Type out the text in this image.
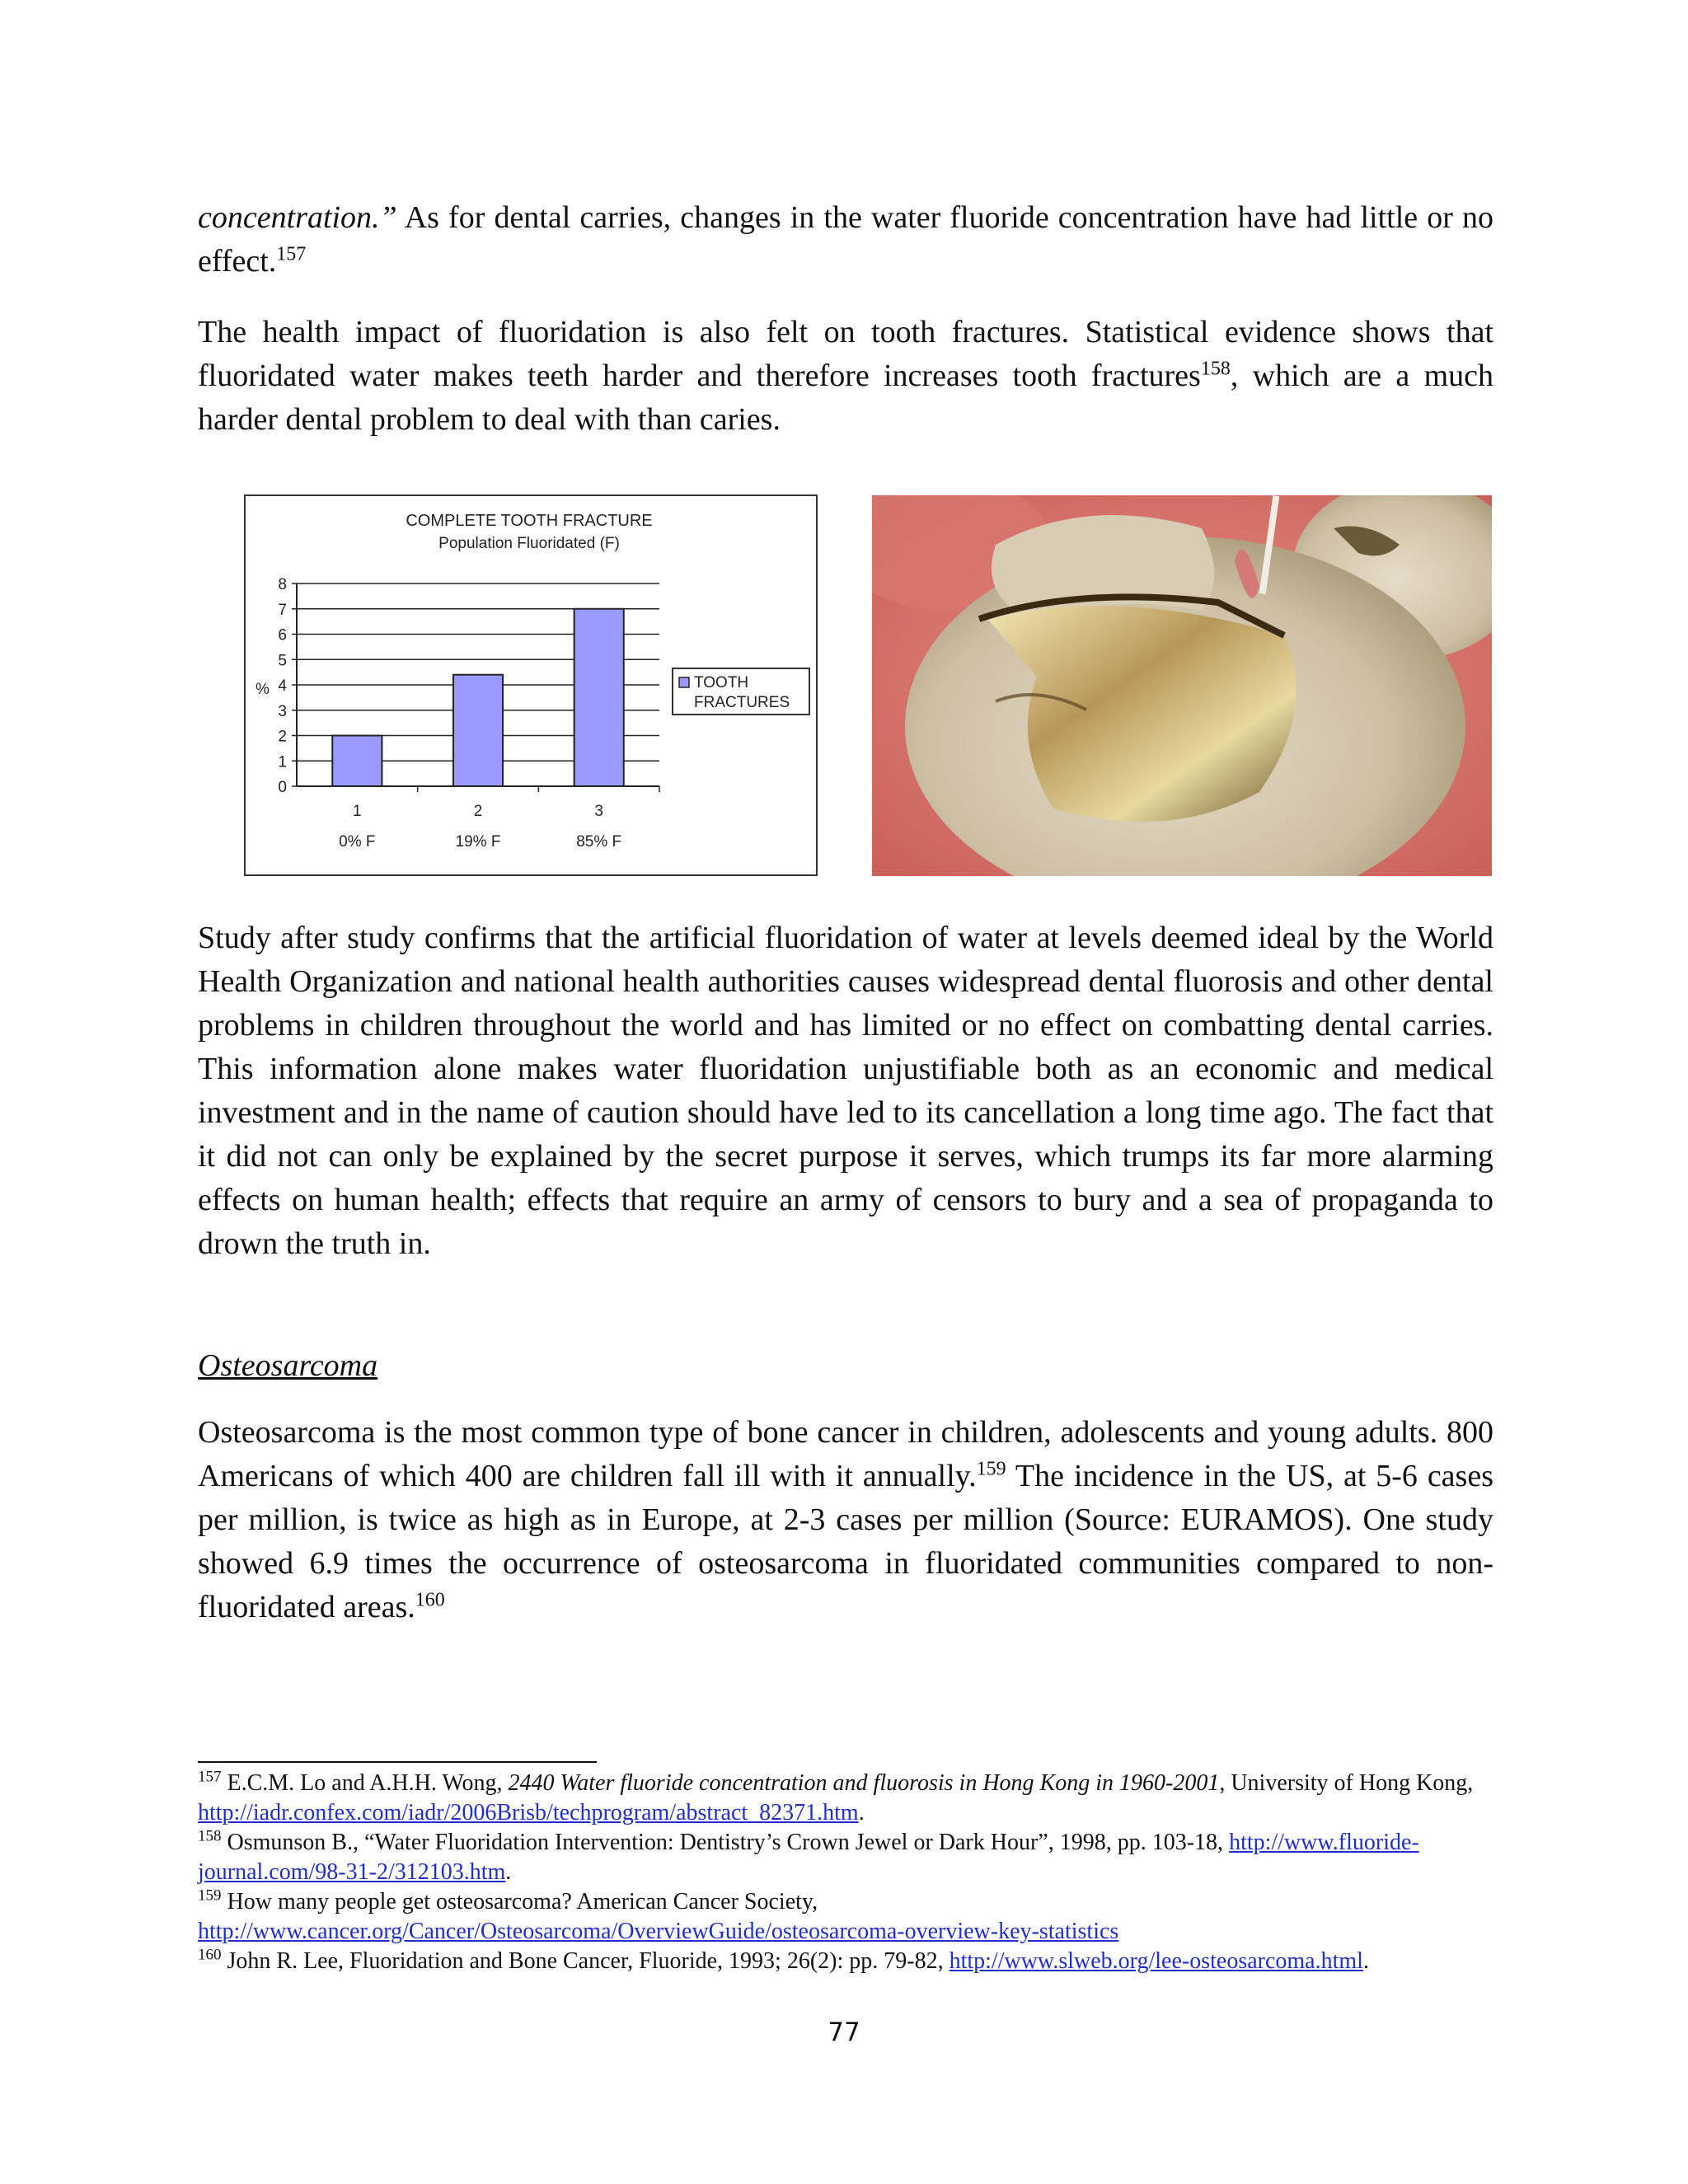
concentration.” As for dental carries, changes in the water fluoride concentration have had little or no effect.$^{157}$

The health impact of fluoridation is also felt on tooth fractures. Statistical evidence shows that fluoridated water makes teeth harder and therefore increases tooth fractures$^{158}$, which are a much harder dental problem to deal with than caries.

COMPLETE TOOTH FRACTURE
Population Fluoridated (F)
%
0
1
2
3
4
5
6
7
8
1
0% F
2
19% F
3
85% F
TOOTH
FRACTURES

Study after study confirms that the artificial fluoridation of water at levels deemed ideal by the World Health Organization and national health authorities causes widespread dental fluorosis and other dental problems in children throughout the world and has limited or no effect on combatting dental carries. This information alone makes water fluoridation unjustifiable both as an economic and medical investment and in the name of caution should have led to its cancellation a long time ago. The fact that it did not can only be explained by the secret purpose it serves, which trumps its far more alarming effects on human health; effects that require an army of censors to bury and a sea of propaganda to drown the truth in.

Osteosarcoma

Osteosarcoma is the most common type of bone cancer in children, adolescents and young adults. 800 Americans of which 400 are children fall ill with it annually.$^{159}$ The incidence in the US, at 5-6 cases per million, is twice as high as in Europe, at 2-3 cases per million (Source: EURAMOS). One study showed 6.9 times the occurrence of osteosarcoma in fluoridated communities compared to non-fluoridated areas.$^{160}$

$^{157}$ E.C.M. Lo and A.H.H. Wong, 2440 Water fluoride concentration and fluorosis in Hong Kong in 1960-2001, University of Hong Kong, http://iadr.confex.com/iadr/2006Brisb/techprogram/abstract_82371.htm.

$^{158}$ Osmunson B., “Water Fluoridation Intervention: Dentistry’s Crown Jewel or Dark Hour”, 1998, pp. 103-18, http://www.fluoride-journal.com/98-31-2/312103.htm.

$^{159}$ How many people get osteosarcoma? American Cancer Society, http://www.cancer.org/Cancer/Osteosarcoma/OverviewGuide/osteosarcoma-overview-key-statistics

$^{160}$ John R. Lee, Fluoridation and Bone Cancer, Fluoride, 1993; 26(2): pp. 79-82, http://www.slweb.org/lee-osteosarcoma.html.

77
